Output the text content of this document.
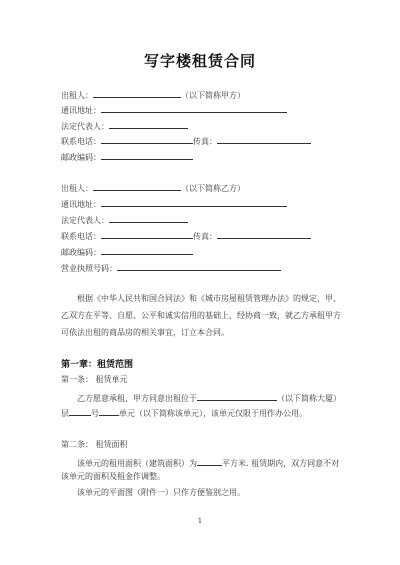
写字楼租赁合同
出租人：	（以下简称甲方）
通讯地址：
法定代表人：
联系电话：	传真：
邮政编码：
出租人：	（以下简称乙方）
通讯地址：
法定代表人：
联系电话：	传真：
邮政编码：
营业执照号码：
根据《中华人民共和国合同法》和《城市房屋租赁管理办法》的规定，甲、乙双方在平等、自愿、公平和诚实信用的基础上，经协商一致，就乙方承租甲方可依法出租的商品房的相关事宜，订立本合同。
第一章：租赁范围
第一条： 租赁单元
乙方愿意承租，甲方同意出租位于	（以下简称大厦）
层	号	单元（以下简称该单元），该单元仅限于用作办公用。
第二条： 租赁面积
该单元的租用面积（建筑面积）为	平方米. 租赁期内，双方同意不对
该单元的面积及租金作调整。
该单元的平面图（附件一）只作方便鉴别之用。
1
